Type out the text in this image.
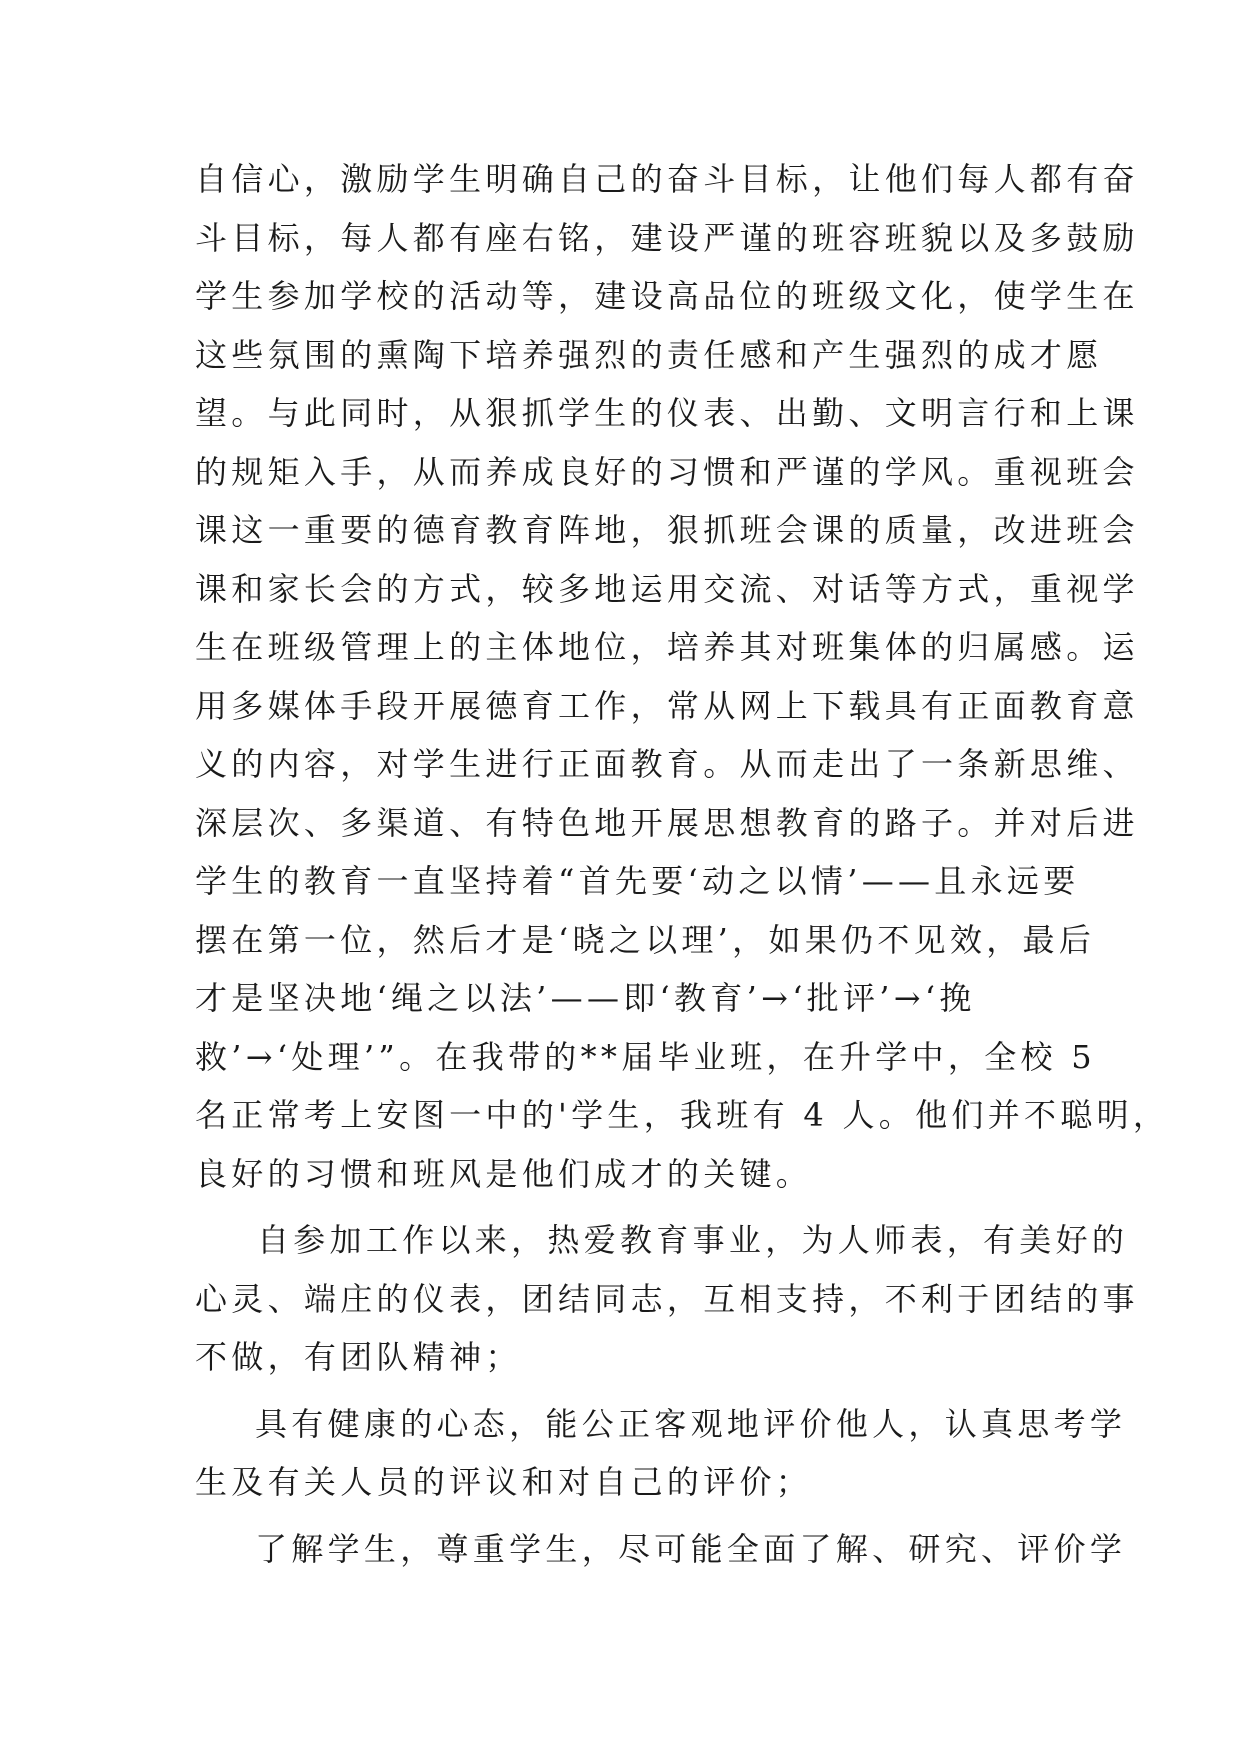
自信心，激励学生明确自己的奋斗目标，让他们每人都有奋
斗目标，每人都有座右铭，建设严谨的班容班貌以及多鼓励
学生参加学校的活动等，建设高品位的班级文化，使学生在
这些氛围的熏陶下培养强烈的责任感和产生强烈的成才愿
望。与此同时，从狠抓学生的仪表、出勤、文明言行和上课
的规矩入手，从而养成良好的习惯和严谨的学风。重视班会
课这一重要的德育教育阵地，狠抓班会课的质量，改进班会
课和家长会的方式，较多地运用交流、对话等方式，重视学
生在班级管理上的主体地位，培养其对班集体的归属感。运
用多媒体手段开展德育工作，常从网上下载具有正面教育意
义的内容，对学生进行正面教育。从而走出了一条新思维、
深层次、多渠道、有特色地开展思想教育的路子。并对后进
学生的教育一直坚持着“首先要‘动之以情’——且永远要
摆在第一位，然后才是‘晓之以理’，如果仍不见效，最后
才是坚决地‘绳之以法’——即‘教育’→‘批评’→‘挽
救’→‘处理’”。在我带的**届毕业班，在升学中，全校 5
名正常考上安图一中的'学生，我班有 4 人。他们并不聪明，
良好的习惯和班风是他们成才的关键。
自参加工作以来，热爱教育事业，为人师表，有美好的
心灵、端庄的仪表，团结同志，互相支持，不利于团结的事
不做，有团队精神；
具有健康的心态，能公正客观地评价他人，认真思考学
生及有关人员的评议和对自己的评价；
了解学生，尊重学生，尽可能全面了解、研究、评价学
